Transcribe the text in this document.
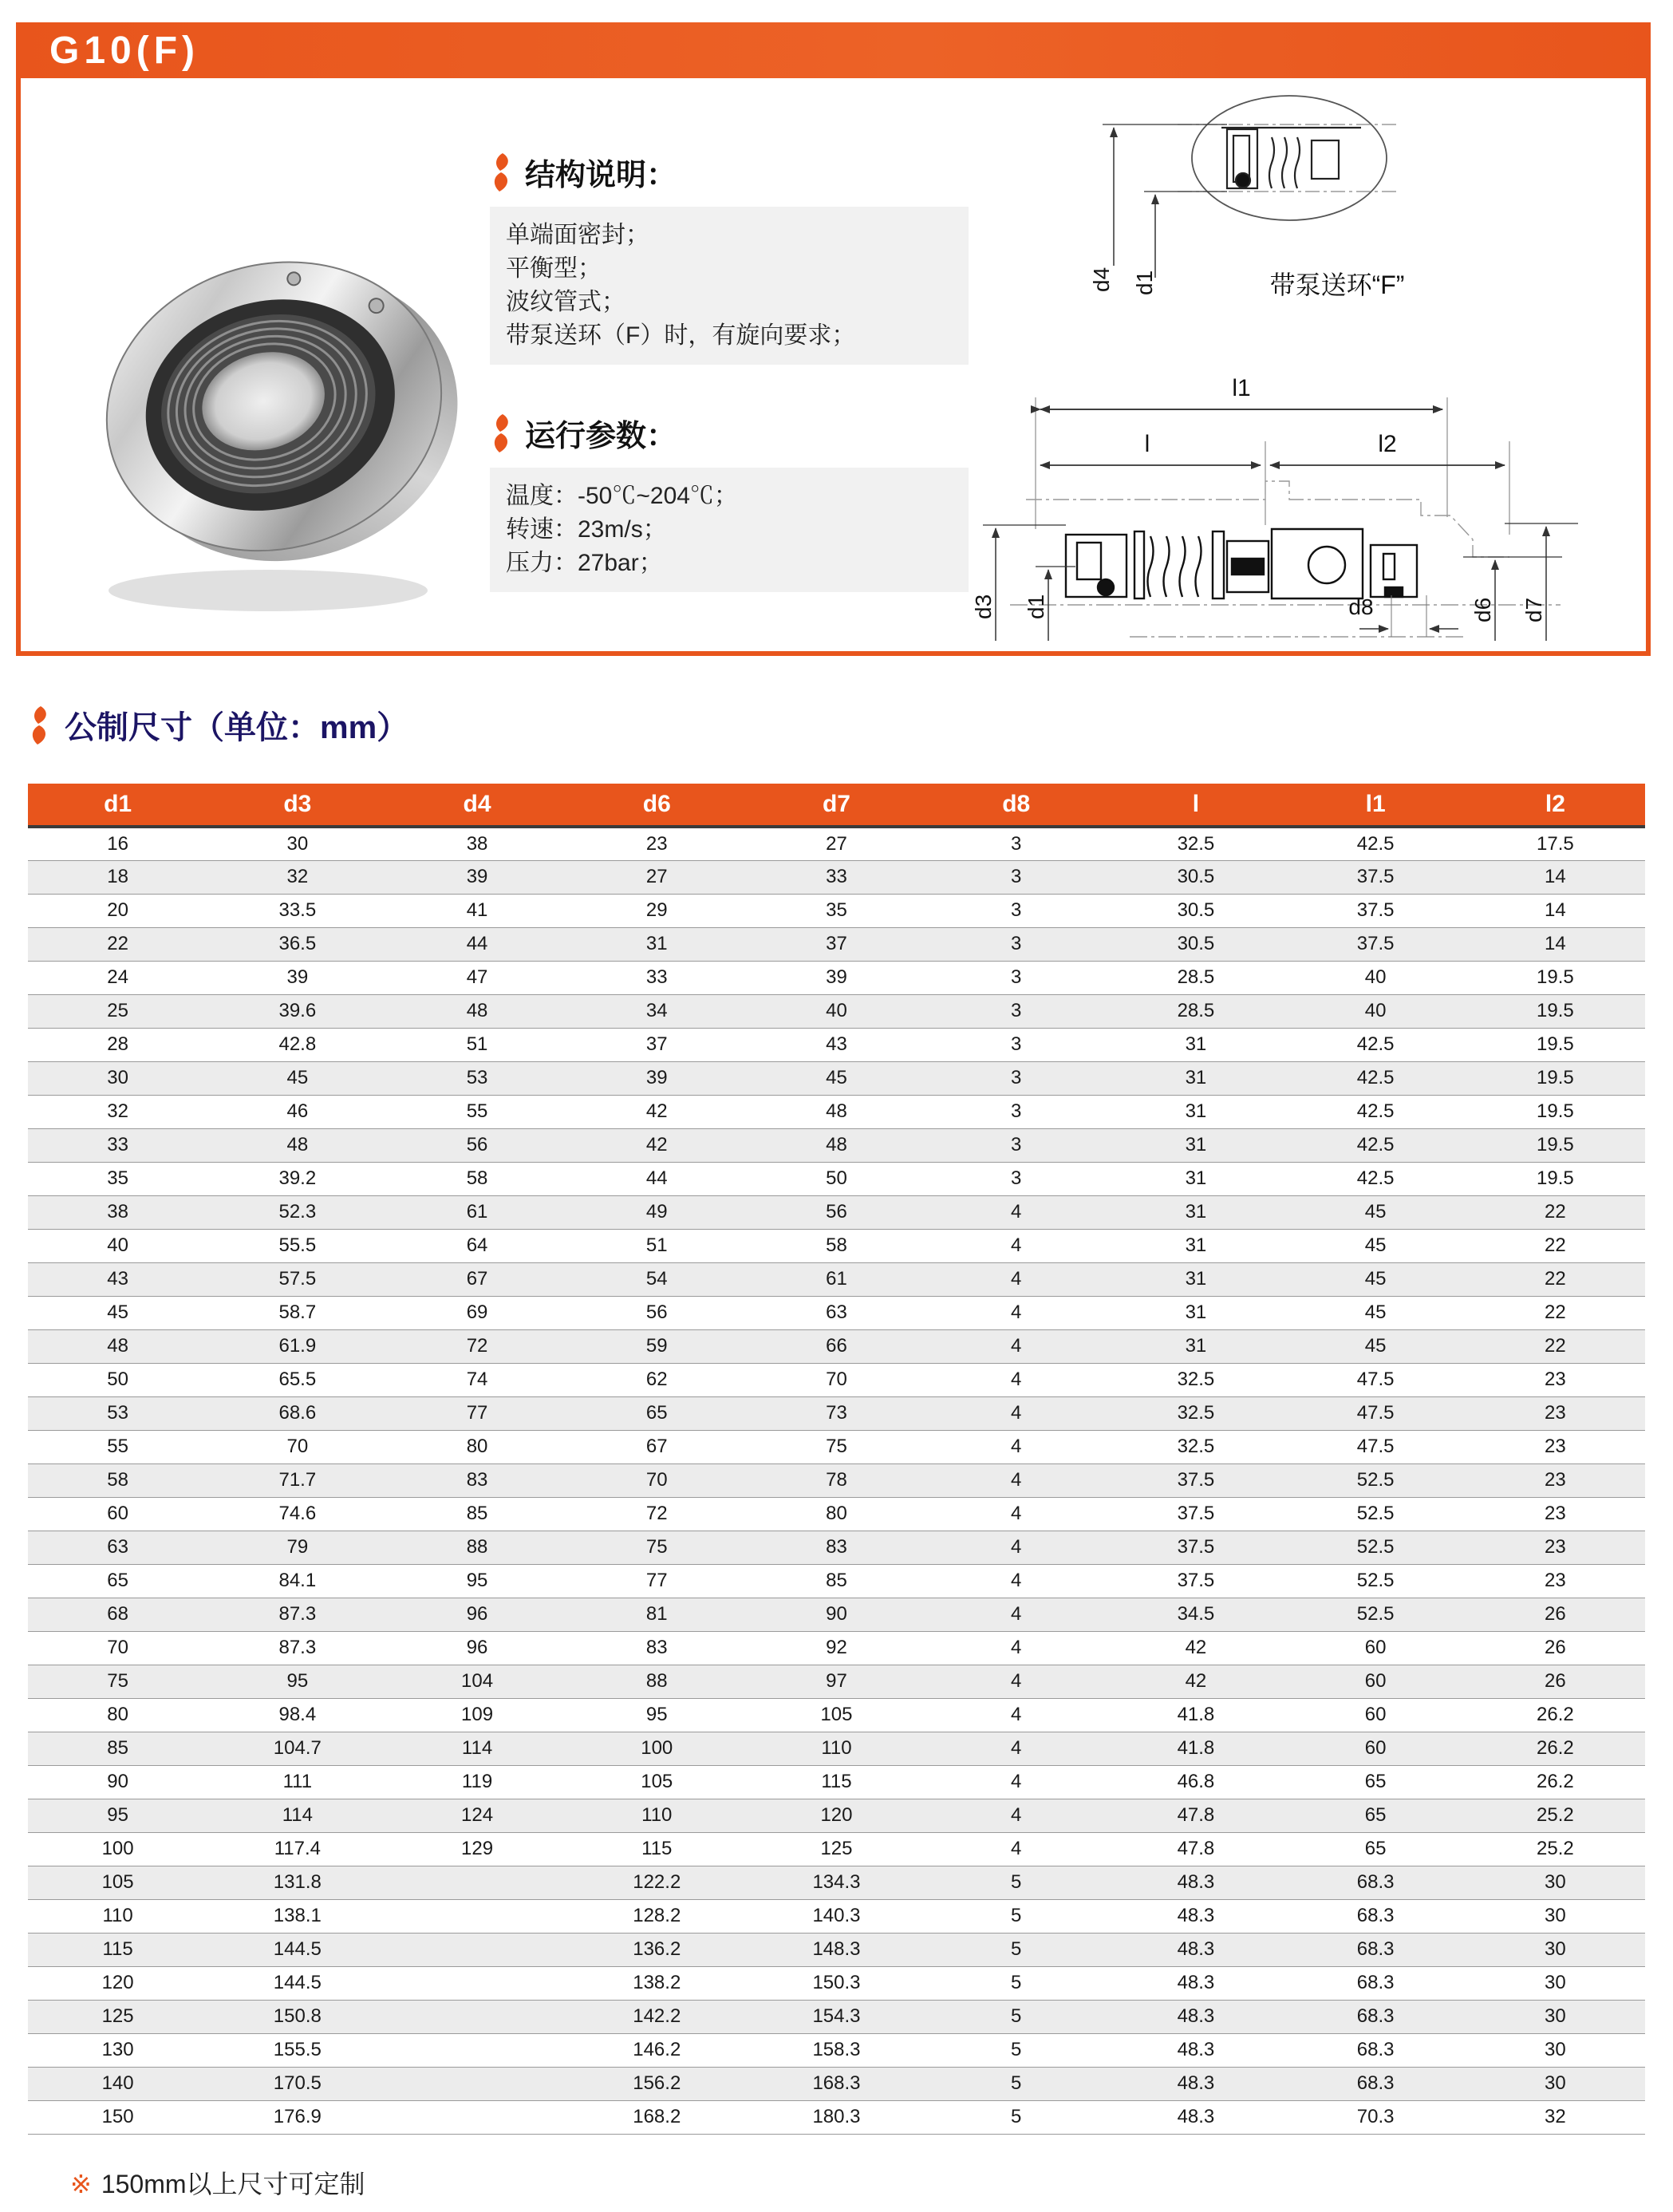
G10(F)
结构说明：
单端面密封；
平衡型；
波纹管式；
带泵送环（F）时，有旋向要求；
运行参数：
温度：-50℃~204℃；
转速：23m/s；
压力：27bar；
d4 d1	带泵送环“F”
l1
l	l2
d8
d3 d1	d6 d7
公制尺寸（单位：mm）
d1	d3	d4	d6	d7	d8	l	l1	l2
16	30	38	23	27	3	32.5	42.5	17.5
18	32	39	27	33	3	30.5	37.5	14
20	33.5	41	29	35	3	30.5	37.5	14
22	36.5	44	31	37	3	30.5	37.5	14
24	39	47	33	39	3	28.5	40	19.5
25	39.6	48	34	40	3	28.5	40	19.5
28	42.8	51	37	43	3	31	42.5	19.5
30	45	53	39	45	3	31	42.5	19.5
32	46	55	42	48	3	31	42.5	19.5
33	48	56	42	48	3	31	42.5	19.5
35	39.2	58	44	50	3	31	42.5	19.5
38	52.3	61	49	56	4	31	45	22
40	55.5	64	51	58	4	31	45	22
43	57.5	67	54	61	4	31	45	22
45	58.7	69	56	63	4	31	45	22
48	61.9	72	59	66	4	31	45	22
50	65.5	74	62	70	4	32.5	47.5	23
53	68.6	77	65	73	4	32.5	47.5	23
55	70	80	67	75	4	32.5	47.5	23
58	71.7	83	70	78	4	37.5	52.5	23
60	74.6	85	72	80	4	37.5	52.5	23
63	79	88	75	83	4	37.5	52.5	23
65	84.1	95	77	85	4	37.5	52.5	23
68	87.3	96	81	90	4	34.5	52.5	26
70	87.3	96	83	92	4	42	60	26
75	95	104	88	97	4	42	60	26
80	98.4	109	95	105	4	41.8	60	26.2
85	104.7	114	100	110	4	41.8	60	26.2
90	111	119	105	115	4	46.8	65	26.2
95	114	124	110	120	4	47.8	65	25.2
100	117.4	129	115	125	4	47.8	65	25.2
105	131.8		122.2	134.3	5	48.3	68.3	30
110	138.1		128.2	140.3	5	48.3	68.3	30
115	144.5		136.2	148.3	5	48.3	68.3	30
120	144.5		138.2	150.3	5	48.3	68.3	30
125	150.8		142.2	154.3	5	48.3	68.3	30
130	155.5		146.2	158.3	5	48.3	68.3	30
140	170.5		156.2	168.3	5	48.3	68.3	30
150	176.9		168.2	180.3	5	48.3	70.3	32
※ 150mm以上尺寸可定制
